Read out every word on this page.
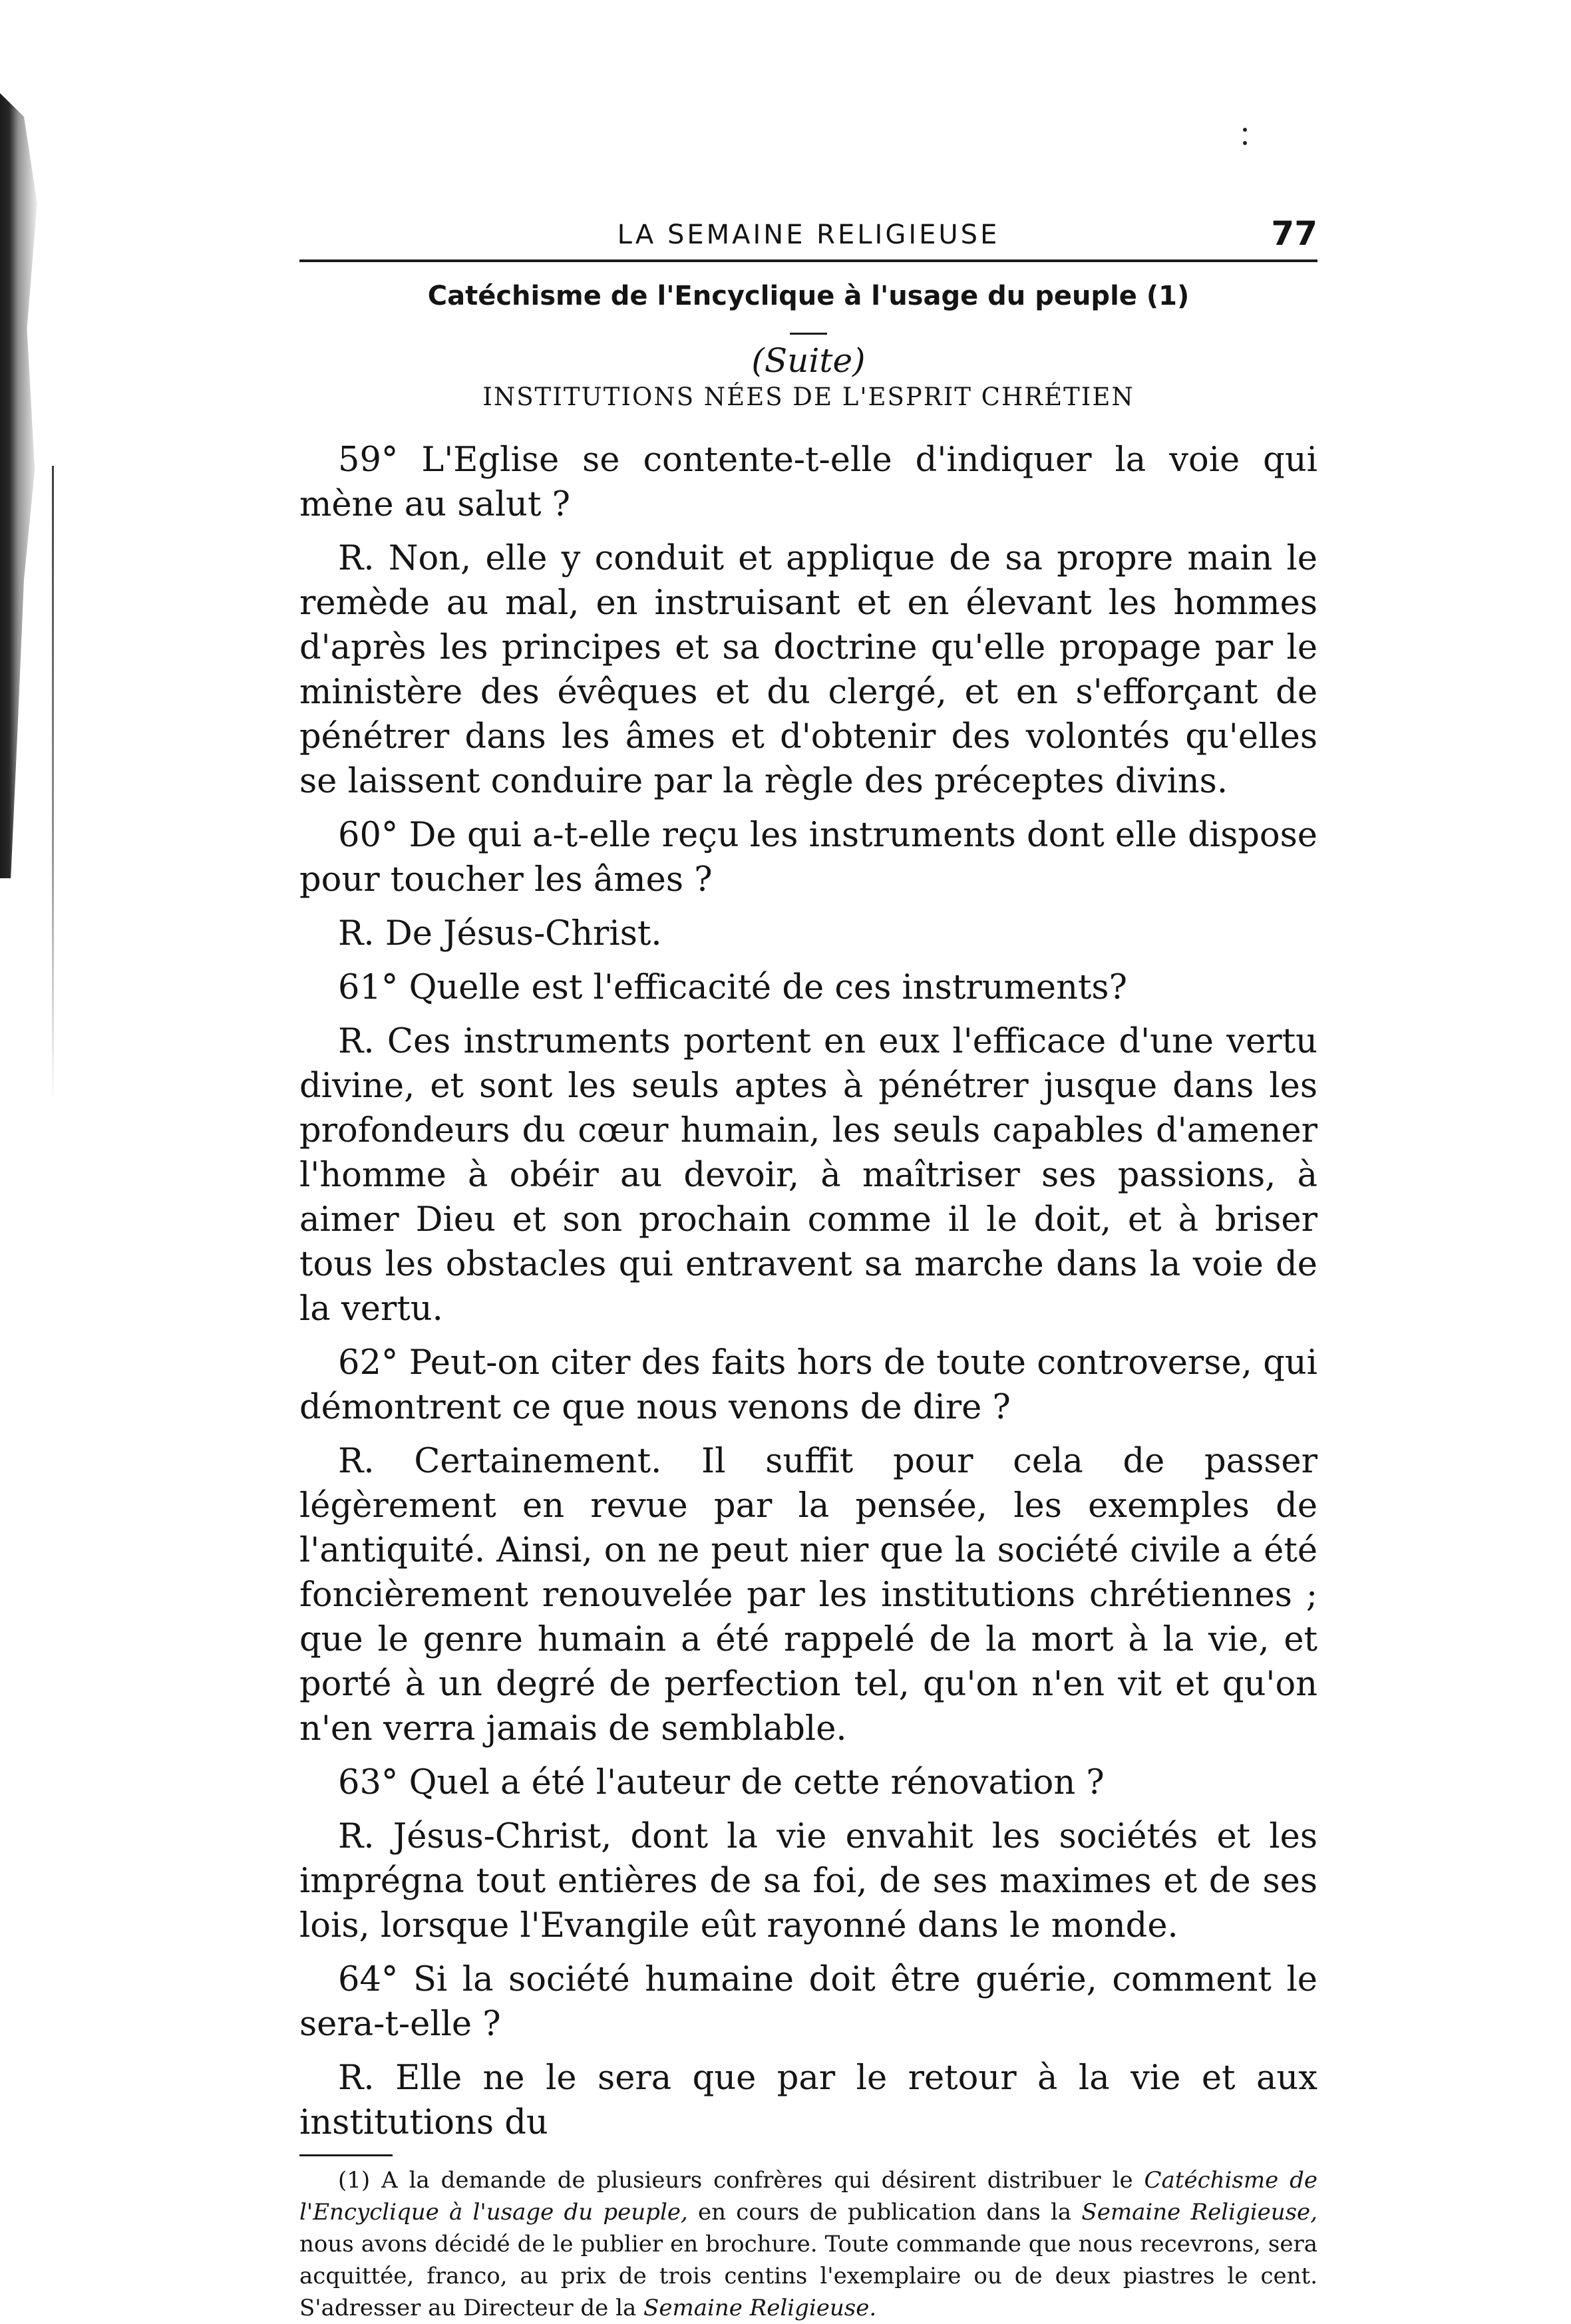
LA SEMAINE RELIGIEUSE	77
Catéchisme de l'Encyclique à l'usage du peuple (1)
(Suite)
INSTITUTIONS NÉES DE L'ESPRIT CHRÉTIEN

59° L'Eglise se contente-t-elle d'indiquer la voie qui mène au salut ?

R. Non, elle y conduit et applique de sa propre main le remède au mal, en instruisant et en élevant les hommes d'après les principes et sa doctrine qu'elle propage par le ministère des évêques et du clergé, et en s'efforçant de pénétrer dans les âmes et d'obtenir des volontés qu'elles se laissent conduire par la règle des préceptes divins.

60° De qui a-t-elle reçu les instruments dont elle dispose pour toucher les âmes ?

R. De Jésus-Christ.

61° Quelle est l'efficacité de ces instruments?

R. Ces instruments portent en eux l'efficace d'une vertu divine, et sont les seuls aptes à pénétrer jusque dans les profondeurs du cœur humain, les seuls capables d'amener l'homme à obéir au devoir, à maîtriser ses passions, à aimer Dieu et son prochain comme il le doit, et à briser tous les obstacles qui entravent sa marche dans la voie de la vertu.

62° Peut-on citer des faits hors de toute controverse, qui démontrent ce que nous venons de dire ?

R. Certainement. Il suffit pour cela de passer légèrement en revue par la pensée, les exemples de l'antiquité. Ainsi, on ne peut nier que la société civile a été foncièrement renouvelée par les institutions chrétiennes ; que le genre humain a été rappelé de la mort à la vie, et porté à un degré de perfection tel, qu'on n'en vit et qu'on n'en verra jamais de semblable.

63° Quel a été l'auteur de cette rénovation ?

R. Jésus-Christ, dont la vie envahit les sociétés et les imprégna tout entières de sa foi, de ses maximes et de ses lois, lorsque l'Evangile eût rayonné dans le monde.

64° Si la société humaine doit être guérie, comment le sera-t-elle ?

R. Elle ne le sera que par le retour à la vie et aux institutions du

(1) A la demande de plusieurs confrères qui désirent distribuer le Catéchisme de l'Encyclique à l'usage du peuple, en cours de publication dans la Semaine Religieuse, nous avons décidé de le publier en brochure. Toute commande que nous recevrons, sera acquittée, franco, au prix de trois centins l'exemplaire ou de deux piastres le cent. S'adresser au Directeur de la Semaine Religieuse.
